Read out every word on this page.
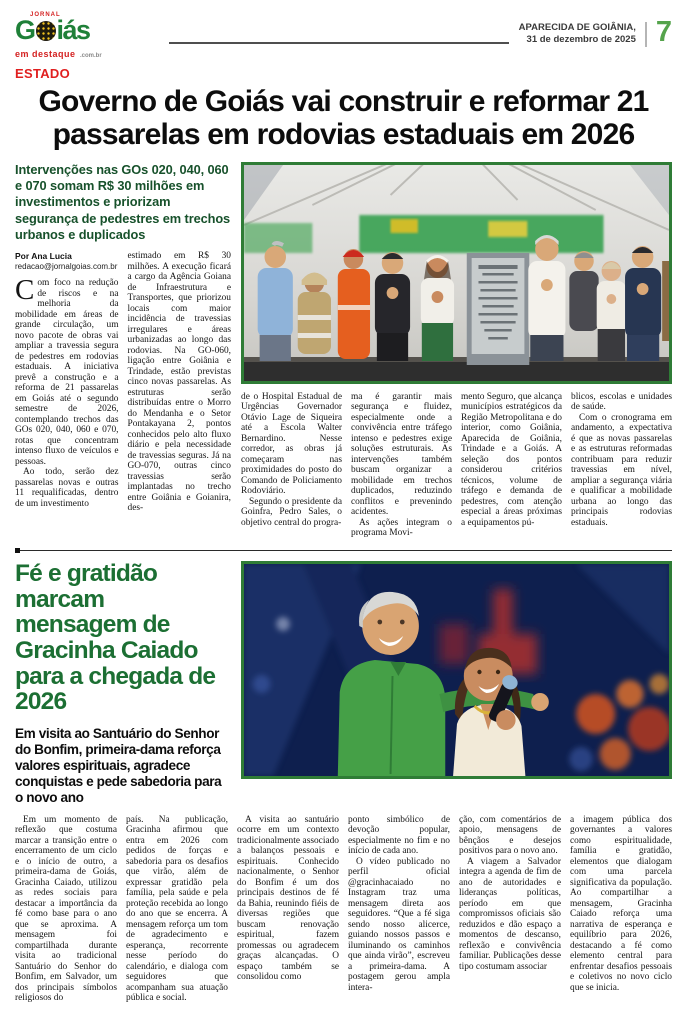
JORNAL
G iás
em destaque .com.br
APARECIDA DE GOIÂNIA,
31 de dezembro de 2025 7
ESTADO
Governo de Goiás vai construir e reformar 21 passarelas em rodovias estaduais em 2026
Intervenções nas GOs 020, 040, 060 e 070 somam R$ 30 milhões em investimentos e priorizam segurança de pedestres em trechos urbanos e duplicados
Por Ana Lucia
redacao@jornalgoias.com.br

Com foco na redução de riscos e na melhoria da mobilidade em áreas de grande circulação, um novo pacote de obras vai ampliar a travessia segura de pedestres em rodovias estaduais. A iniciativa prevê a construção e a reforma de 21 passarelas em Goiás até o segundo semestre de 2026, contemplando trechos das GOs 020, 040, 060 e 070, rotas que concentram intenso fluxo de veículos e pessoas.

Ao todo, serão dez passarelas novas e outras 11 requalificadas, dentro de um investimento

estimado em R$ 30 milhões. A execução ficará a cargo da Agência Goiana de Infraestrutura e Transportes, que priorizou locais com maior incidência de travessias irregulares e áreas urbanizadas ao longo das rodovias. Na GO-060, ligação entre Goiânia e Trindade, estão previstas cinco novas passarelas. As estruturas serão distribuídas entre o Morro do Mendanha e o Setor Pontakayana 2, pontos conhecidos pelo alto fluxo diário e pela necessidade de travessias seguras. Já na GO-070, outras cinco travessias serão implantadas no trecho entre Goiânia e Goianira, des-

de o Hospital Estadual de Urgências Governador Otávio Lage de Siqueira até a Escola Walter Bernardino. Nesse corredor, as obras já começaram nas proximidades do posto do Comando de Policiamento Rodoviário.

Segundo o presidente da Goinfra, Pedro Sales, o objetivo central do progra-

ma é garantir mais segurança e fluidez, especialmente onde a convivência entre tráfego intenso e pedestres exige soluções estruturais. As intervenções também buscam organizar a mobilidade em trechos duplicados, reduzindo conflitos e prevenindo acidentes.

As ações integram o programa Movi-

mento Seguro, que alcança municípios estratégicos da Região Metropolitana e do interior, como Goiânia, Aparecida de Goiânia, Trindade e a Goiás. A seleção dos pontos considerou critérios técnicos, volume de tráfego e demanda de pedestres, com atenção especial a áreas próximas a equipamentos pú-

blicos, escolas e unidades de saúde.

Com o cronograma em andamento, a expectativa é que as novas passarelas e as estruturas reformadas contribuam para reduzir travessias em nível, ampliar a segurança viária e qualificar a mobilidade urbana ao longo das principais rodovias estaduais.

Fé e gratidão marcam mensagem de Gracinha Caiado para a chegada de 2026
Em visita ao Santuário do Senhor do Bonfim, primeira-dama reforça valores espirituais, agradece conquistas e pede sabedoria para o novo ano

Em um momento de reflexão que costuma marcar a transição entre o encerramento de um ciclo e o início de outro, a primeira-dama de Goiás, Gracinha Caiado, utilizou as redes sociais para destacar a importância da fé como base para o ano que se aproxima. A mensagem foi compartilhada durante visita ao tradicional Santuário do Senhor do Bonfim, em Salvador, um dos principais símbolos religiosos do

país. Na publicação, Gracinha afirmou que entra em 2026 com pedidos de forças e sabedoria para os desafios que virão, além de expressar gratidão pela família, pela saúde e pela proteção recebida ao longo do ano que se encerra. A mensagem reforça um tom de agradecimento e esperança, recorrente nesse período do calendário, e dialoga com seguidores que acompanham sua atuação pública e social.

A visita ao santuário ocorre em um contexto tradicionalmente associado a balanços pessoais e espirituais. Conhecido nacionalmente, o Senhor do Bonfim é um dos principais destinos de fé da Bahia, reunindo fiéis de diversas regiões que buscam renovação espiritual, fazem promessas ou agradecem graças alcançadas. O espaço também se consolidou como

ponto simbólico de devoção popular, especialmente no fim e no início de cada ano.

O vídeo publicado no perfil oficial @gracinhacaiado no Instagram traz uma mensagem direta aos seguidores. “Que a fé siga sendo nosso alicerce, guiando nossos passos e iluminando os caminhos que ainda virão”, escreveu a primeira-dama. A postagem gerou ampla intera-

ção, com comentários de apoio, mensagens de bênçãos e desejos positivos para o novo ano.

A viagem a Salvador integra a agenda de fim de ano de autoridades e lideranças políticas, período em que compromissos oficiais são reduzidos e dão espaço a momentos de descanso, reflexão e convivência familiar. Publicações desse tipo costumam associar

a imagem pública dos governantes a valores como espiritualidade, família e gratidão, elementos que dialogam com uma parcela significativa da população. Ao compartilhar a mensagem, Gracinha Caiado reforça uma narrativa de esperança e equilíbrio para 2026, destacando a fé como elemento central para enfrentar desafios pessoais e coletivos no novo ciclo que se inicia.
